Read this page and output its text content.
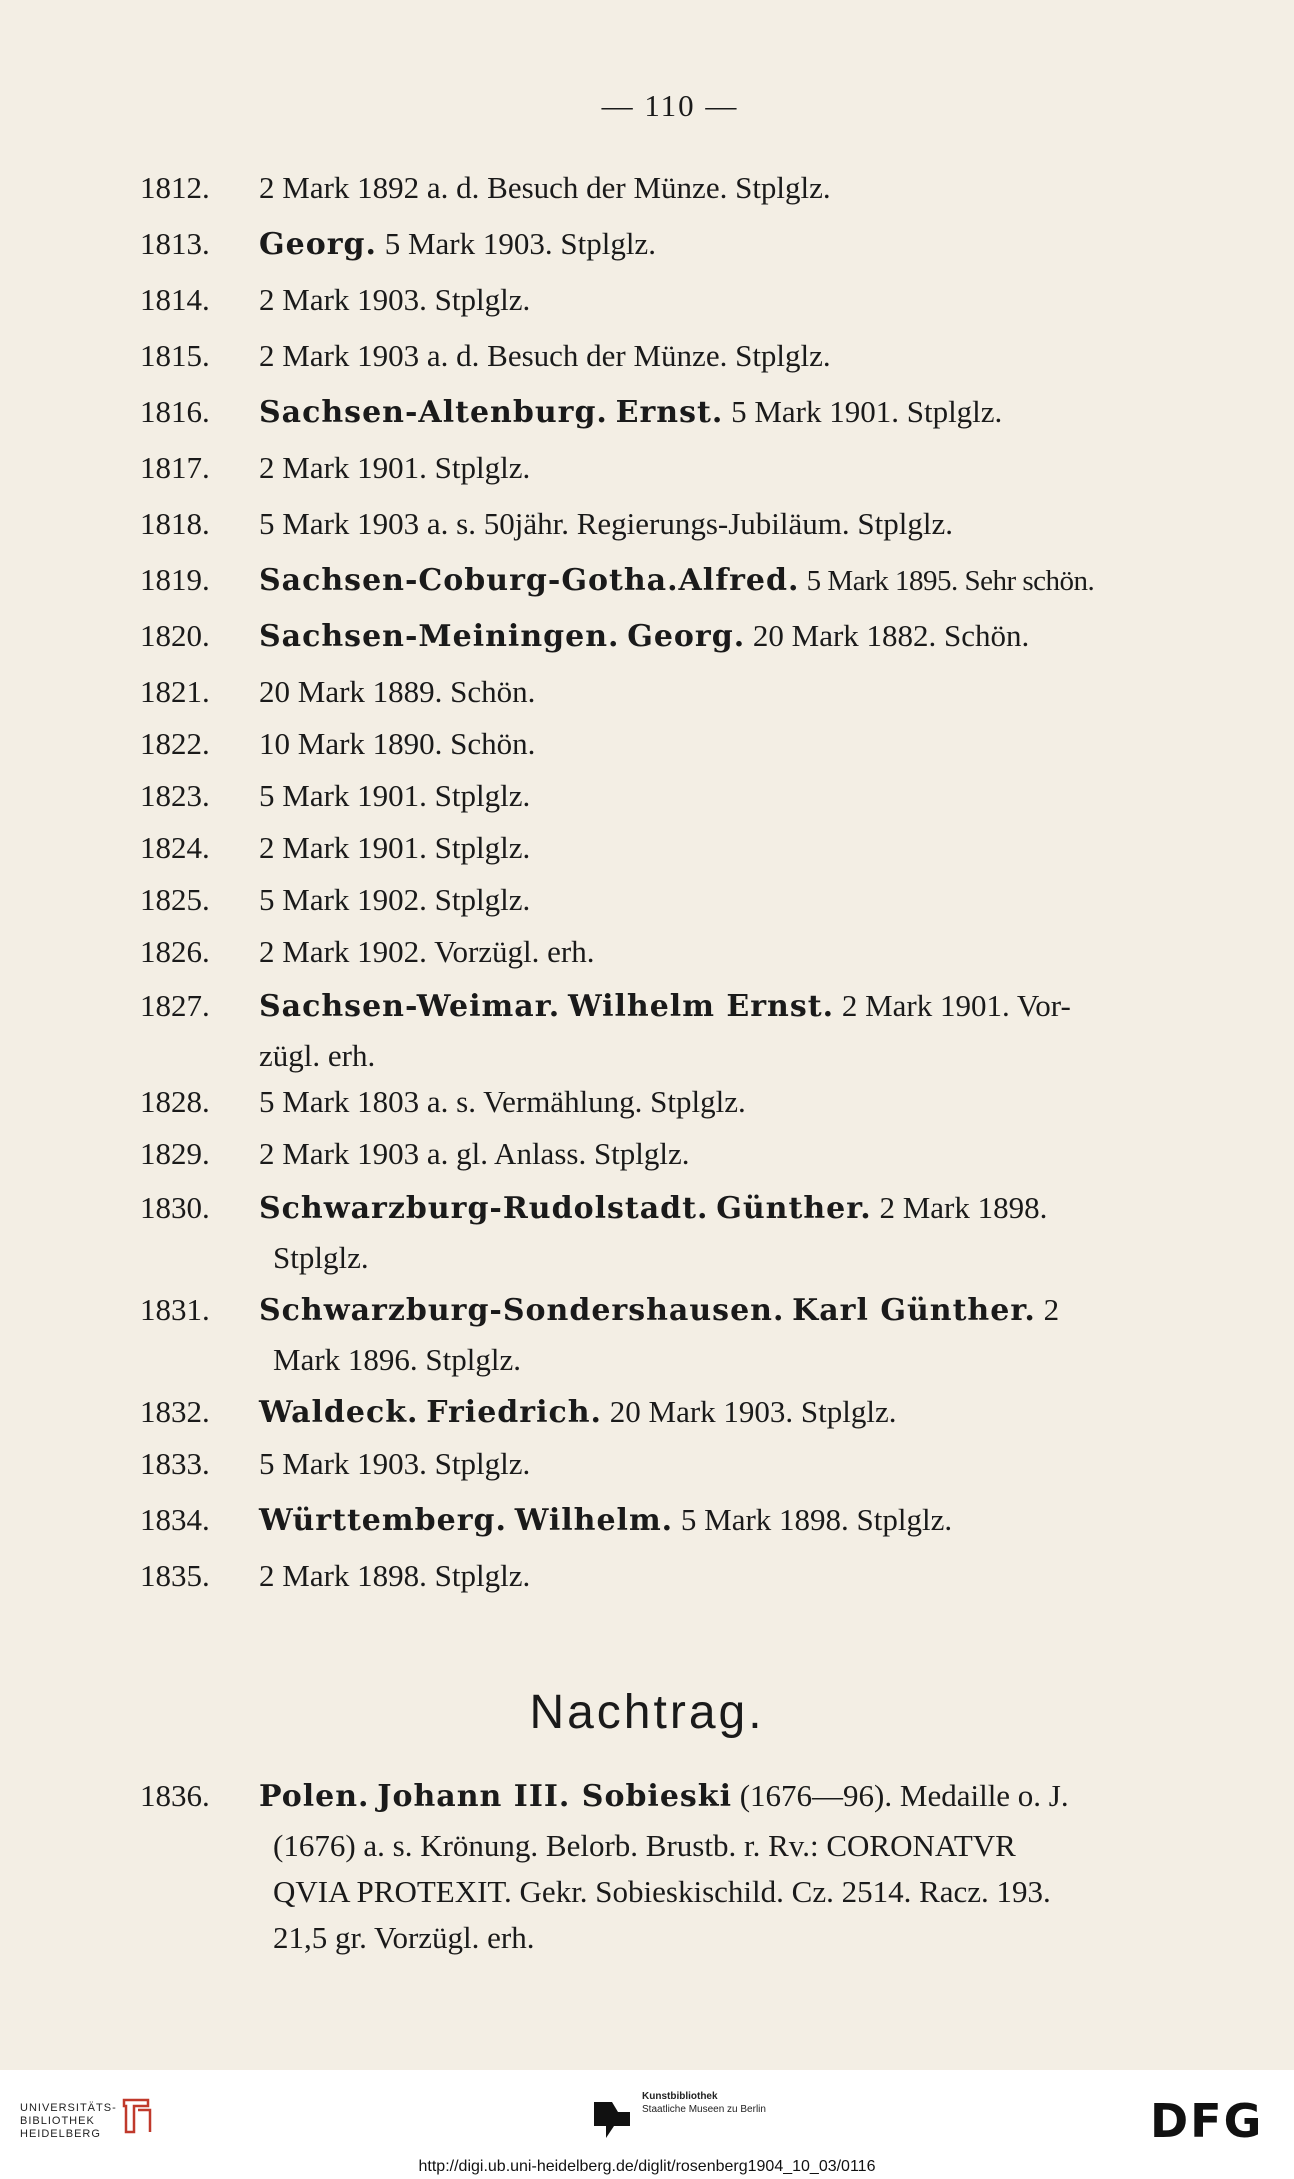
— 110 —
1812.	2 Mark 1892 a. d. Besuch der Münze. Stplglz.
1813.	Georg. 5 Mark 1903. Stplglz.
1814.	2 Mark 1903. Stplglz.
1815.	2 Mark 1903 a. d. Besuch der Münze. Stplglz.
1816.	Sachsen-Altenburg. Ernst. 5 Mark 1901. Stplglz.
1817.	2 Mark 1901. Stplglz.
1818.	5 Mark 1903 a. s. 50jähr. Regierungs-Jubiläum. Stplglz.
1819.	Sachsen-Coburg-Gotha.Alfred. 5 Mark 1895. Sehr schön.
1820.	Sachsen-Meiningen. Georg. 20 Mark 1882. Schön.
1821.	20 Mark 1889. Schön.
1822.	10 Mark 1890. Schön.
1823.	5 Mark 1901. Stplglz.
1824.	2 Mark 1901. Stplglz.
1825.	5 Mark 1902. Stplglz.
1826.	2 Mark 1902. Vorzügl. erh.
1827.	Sachsen-Weimar. Wilhelm Ernst. 2 Mark 1901. Vor-
zügl. erh.
1828.	5 Mark 1803 a. s. Vermählung. Stplglz.
1829.	2 Mark 1903 a. gl. Anlass. Stplglz.
1830.	Schwarzburg-Rudolstadt. Günther. 2 Mark 1898.
Stplglz.
1831.	Schwarzburg-Sondershausen. Karl Günther. 2
Mark 1896. Stplglz.
1832.	Waldeck. Friedrich. 20 Mark 1903. Stplglz.
1833.	5 Mark 1903. Stplglz.
1834.	Württemberg. Wilhelm. 5 Mark 1898. Stplglz.
1835.	2 Mark 1898. Stplglz.
Nachtrag.
1836.	Polen. Johann III. Sobieski (1676—96). Medaille o. J.
(1676) a. s. Krönung. Belorb. Brustb. r. Rv.: CORONATVR
QVIA PROTEXIT. Gekr. Sobieskischild. Cz. 2514. Racz. 193.
21,5 gr. Vorzügl. erh.
UNIVERSITÄTS-
BIBLIOTHEK
HEIDELBERG
Kunstbibliothek
Staatliche Museen zu Berlin	DFG
http://digi.ub.uni-heidelberg.de/diglit/rosenberg1904_10_03/0116
